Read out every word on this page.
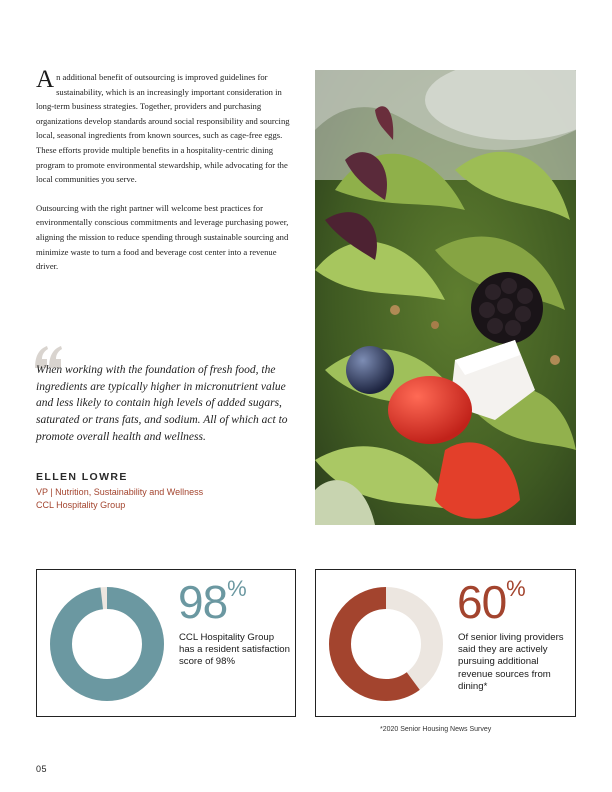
An additional benefit of outsourcing is improved guidelines for sustainability, which is an increasingly important consideration in long-term business strategies. Together, providers and purchasing organizations develop standards around social responsibility and sourcing local, seasonal ingredients from known sources, such as cage-free eggs. These efforts provide multiple benefits in a hospitality-centric dining program to promote environmental stewardship, while advocating for the local communities you serve.

Outsourcing with the right partner will welcome best practices for environmentally conscious commitments and leverage purchasing power, aligning the mission to reduce spending through sustainable sourcing and minimize waste to turn a food and beverage cost center into a revenue driver.

When working with the foundation of fresh food, the ingredients are typically higher in micronutrient value and less likely to contain high levels of added sugars, saturated or trans fats, and sodium. All of which act to promote overall health and wellness.
ELLEN LOWRE
VP | Nutrition, Sustainability and Wellness
CCL Hospitality Group
98%
CCL Hospitality Group has a resident satisfaction score of 98%
60%
Of senior living providers said they are actively pursuing additional revenue sources from dining*
*2020 Senior Housing News Survey
05
